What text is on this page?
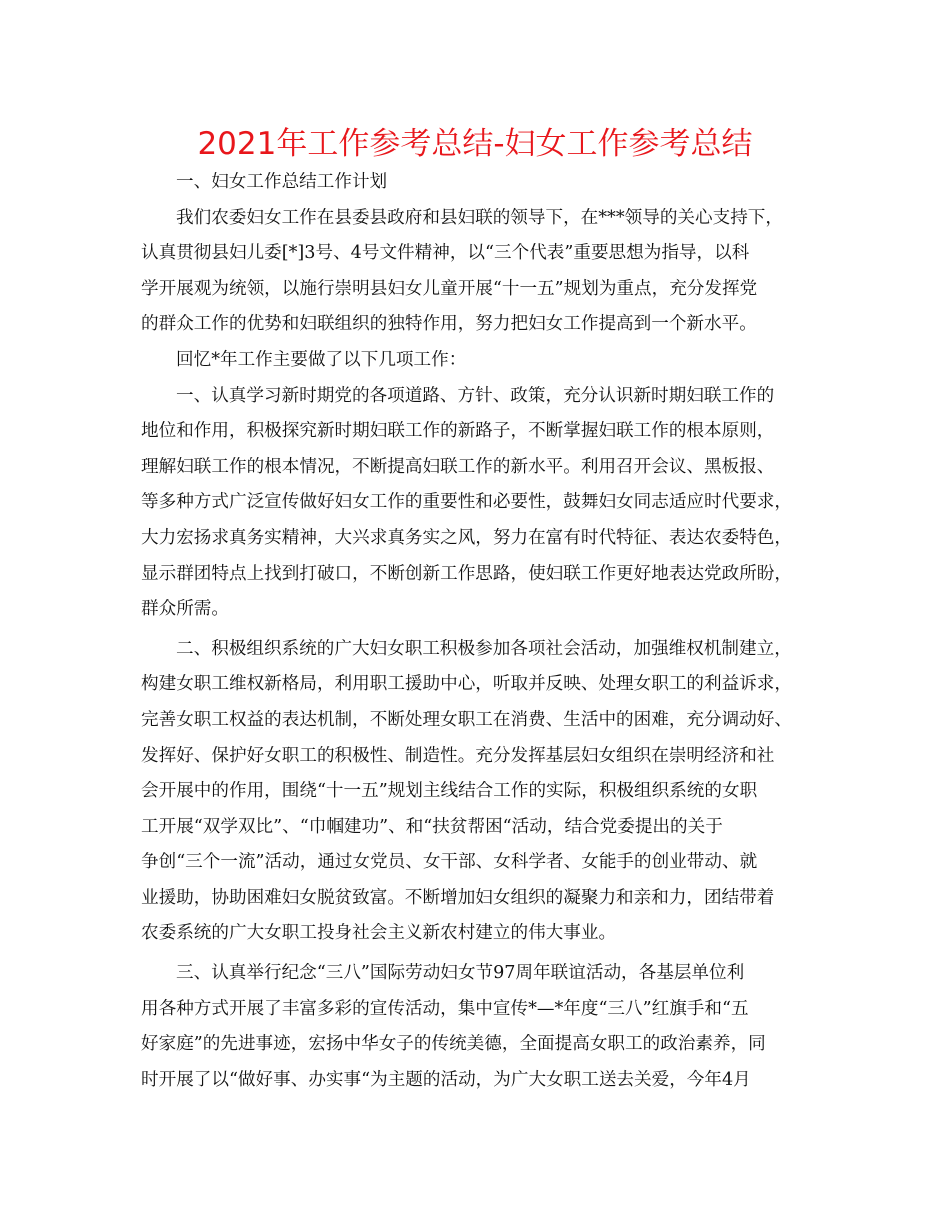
2021年工作参考总结-妇女工作参考总结
一、妇女工作总结工作计划
我们农委妇女工作在县委县政府和县妇联的领导下，在***领导的关心支持下，
认真贯彻县妇儿委[*]3号、4号文件精神，以“三个代表”重要思想为指导，以科
学开展观为统领，以施行崇明县妇女儿童开展“十一五”规划为重点，充分发挥党
的群众工作的优势和妇联组织的独特作用，努力把妇女工作提高到一个新水平。
回忆*年工作主要做了以下几项工作：
一、认真学习新时期党的各项道路、方针、政策，充分认识新时期妇联工作的
地位和作用，积极探究新时期妇联工作的新路子，不断掌握妇联工作的根本原则，
理解妇联工作的根本情况，不断提高妇联工作的新水平。利用召开会议、黑板报、
等多种方式广泛宣传做好妇女工作的重要性和必要性，鼓舞妇女同志适应时代要求，
大力宏扬求真务实精神，大兴求真务实之风，努力在富有时代特征、表达农委特色，
显示群团特点上找到打破口，不断创新工作思路，使妇联工作更好地表达党政所盼，
群众所需。
二、积极组织系统的广大妇女职工积极参加各项社会活动，加强维权机制建立，
构建女职工维权新格局，利用职工援助中心，听取并反映、处理女职工的利益诉求，
完善女职工权益的表达机制，不断处理女职工在消费、生活中的困难，充分调动好、
发挥好、保护好女职工的积极性、制造性。充分发挥基层妇女组织在崇明经济和社
会开展中的作用，围绕“十一五”规划主线结合工作的实际，积极组织系统的女职
工开展“双学双比”、“巾帼建功”、和“扶贫帮困“活动，结合党委提出的关于
争创“三个一流”活动，通过女党员、女干部、女科学者、女能手的创业带动、就
业援助，协助困难妇女脱贫致富。不断增加妇女组织的凝聚力和亲和力，团结带着
农委系统的广大女职工投身社会主义新农村建立的伟大事业。
三、认真举行纪念“三八”国际劳动妇女节97周年联谊活动，各基层单位利
用各种方式开展了丰富多彩的宣传活动，集中宣传*—*年度“三八”红旗手和“五
好家庭”的先进事迹，宏扬中华女子的传统美德，全面提高女职工的政治素养，同
时开展了以“做好事、办实事“为主题的活动，为广大女职工送去关爱，今年4月
